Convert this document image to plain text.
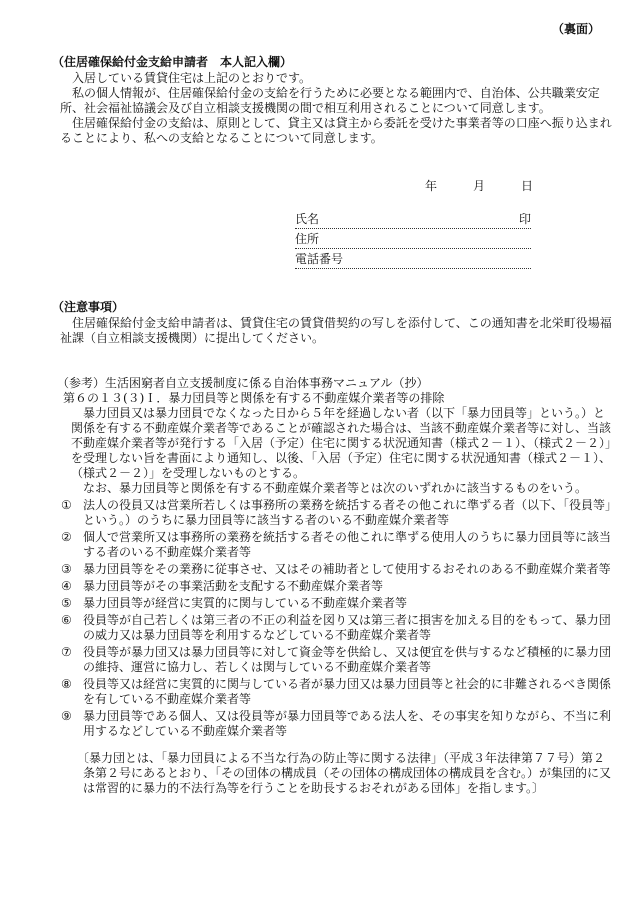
（裏面）
（住居確保給付金支給申請者　本人記入欄）

入居している賃貸住宅は上記のとおりです。

私の個人情報が、住居確保給付金の支給を行うために必要となる範囲内で、自治体、公共職業安定所、社会福祉協議会及び自立相談支援機関の間で相互利用されることについて同意します。

住居確保給付金の支給は、原則として、貸主又は貸主から委託を受けた事業者等の口座へ振り込まれることにより、私への支給となることについて同意します。

年　　　月　　　日
氏名	印
住所
電話番号
（注意事項）

住居確保給付金支給申請者は、賃貸住宅の賃貸借契約の写しを添付して、この通知書を北栄町役場福祉課（自立相談支援機関）に提出してください。

（参考）生活困窮者自立支援制度に係る自治体事務マニュアル（抄）
第６の１３(３)Ｉ．暴力団員等と関係を有する不動産媒介業者等の排除

暴力団員又は暴力団員でなくなった日から５年を経過しない者（以下「暴力団員等」という。）と関係を有する不動産媒介業者等であることが確認された場合は、当該不動産媒介業者等に対し、当該不動産媒介業者等が発行する「入居（予定）住宅に関する状況通知書（様式２－１）、（様式２－２）」を受理しない旨を書面により通知し、以後、「入居（予定）住宅に関する状況通知書（様式２－１）、（様式２－２）」を受理しないものとする。

なお、暴力団員等と関係を有する不動産媒介業者等とは次のいずれかに該当するものをいう。

① 法人の役員又は営業所若しくは事務所の業務を統括する者その他これに準ずる者（以下、「役員等」という。）のうちに暴力団員等に該当する者のいる不動産媒介業者等
② 個人で営業所又は事務所の業務を統括する者その他これに準ずる使用人のうちに暴力団員等に該当する者のいる不動産媒介業者等
③ 暴力団員等をその業務に従事させ、又はその補助者として使用するおそれのある不動産媒介業者等
④ 暴力団員等がその事業活動を支配する不動産媒介業者等
⑤ 暴力団員等が経営に実質的に関与している不動産媒介業者等
⑥ 役員等が自己若しくは第三者の不正の利益を図り又は第三者に損害を加える目的をもって、暴力団の威力又は暴力団員等を利用するなどしている不動産媒介業者等
⑦ 役員等が暴力団又は暴力団員等に対して資金等を供給し、又は便宜を供与するなど積極的に暴力団の維持、運営に協力し、若しくは関与している不動産媒介業者等
⑧ 役員等又は経営に実質的に関与している者が暴力団又は暴力団員等と社会的に非難されるべき関係を有している不動産媒介業者等
⑨ 暴力団員等である個人、又は役員等が暴力団員等である法人を、その事実を知りながら、不当に利用するなどしている不動産媒介業者等

〔暴力団とは、「暴力団員による不当な行為の防止等に関する法律」（平成３年法律第７７号）第２条第２号にあるとおり、「その団体の構成員（その団体の構成団体の構成員を含む。）が集団的に又は常習的に暴力的不法行為等を行うことを助長するおそれがある団体」を指します。〕
